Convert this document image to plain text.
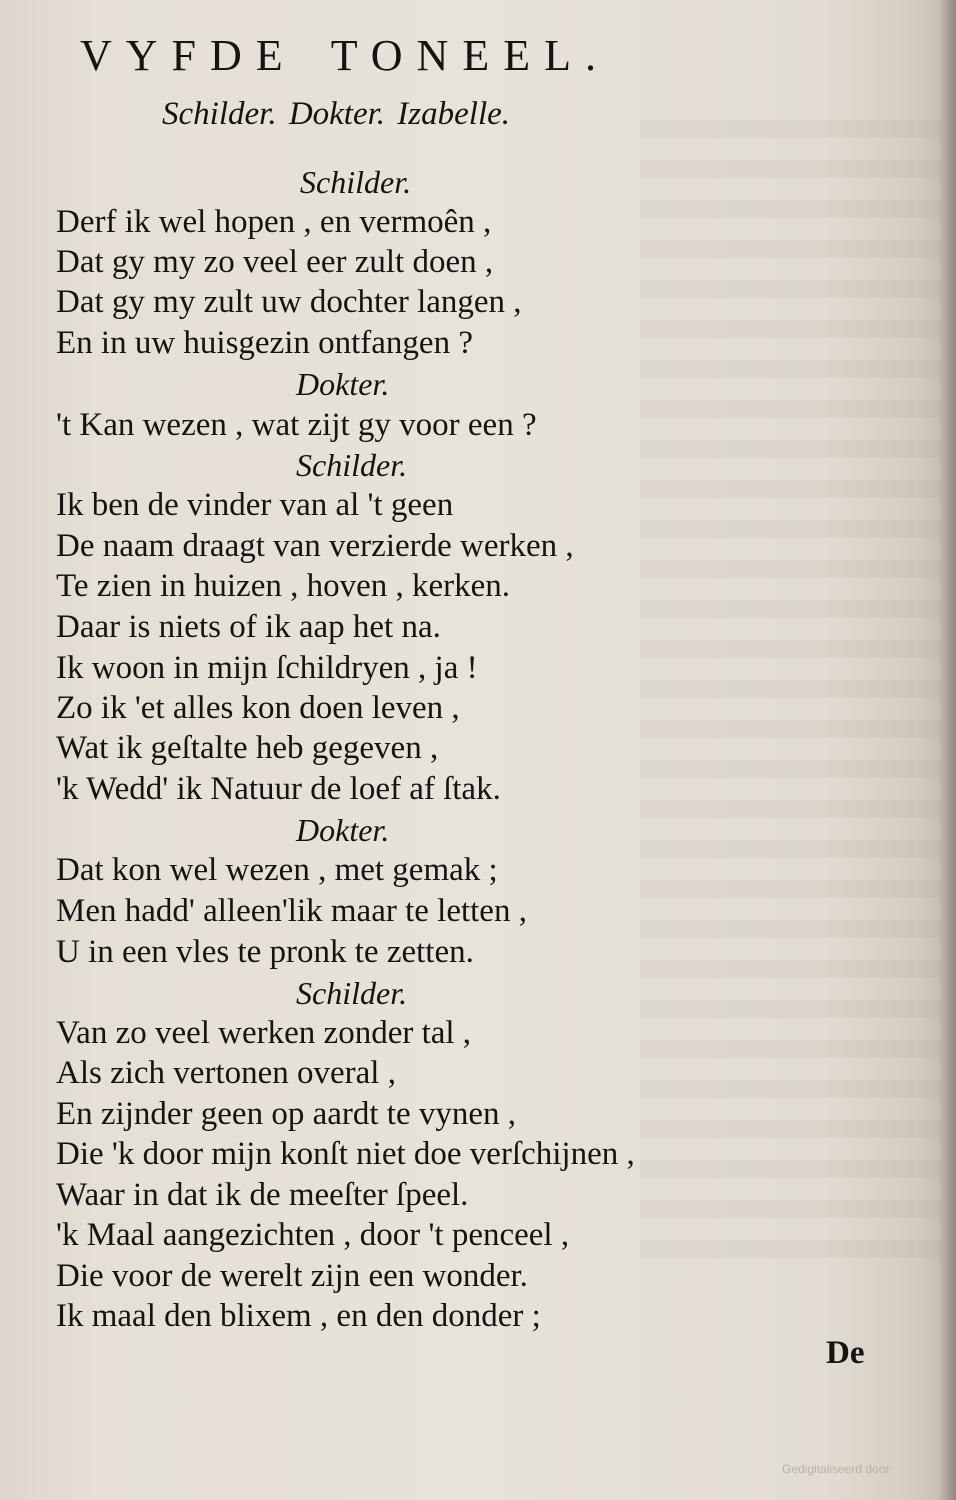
VYFDE TONEEL.
Schilder. Dokter. Izabelle.
Schilder.
Derf ik wel hopen , en vermoên ,
Dat gy my zo veel eer zult doen ,
Dat gy my zult uw dochter langen ,
En in uw huisgezin ontfangen ?
Dokter.
't Kan wezen , wat zijt gy voor een ?
Schilder.
Ik ben de vinder van al 't geen
De naam draagt van verzierde werken ,
Te zien in huizen , hoven , kerken.
Daar is niets of ik aap het na.
Ik woon in mijn ſchildryen , ja !
Zo ik 'et alles kon doen leven ,
Wat ik geſtalte heb gegeven ,
'k Wedd' ik Natuur de loef af ſtak.
Dokter.
Dat kon wel wezen , met gemak ;
Men hadd' alleen'lik maar te letten ,
U in een vles te pronk te zetten.
Schilder.
Van zo veel werken zonder tal ,
Als zich vertonen overal ,
En zijnder geen op aardt te vynen ,
Die 'k door mijn konſt niet doe verſchijnen ,
Waar in dat ik de meeſter ſpeel.
'k Maal aangezichten , door 't penceel ,
Die voor de werelt zijn een wonder.
Ik maal den blixem , en den donder ;
De
Gedigitaliseerd door
